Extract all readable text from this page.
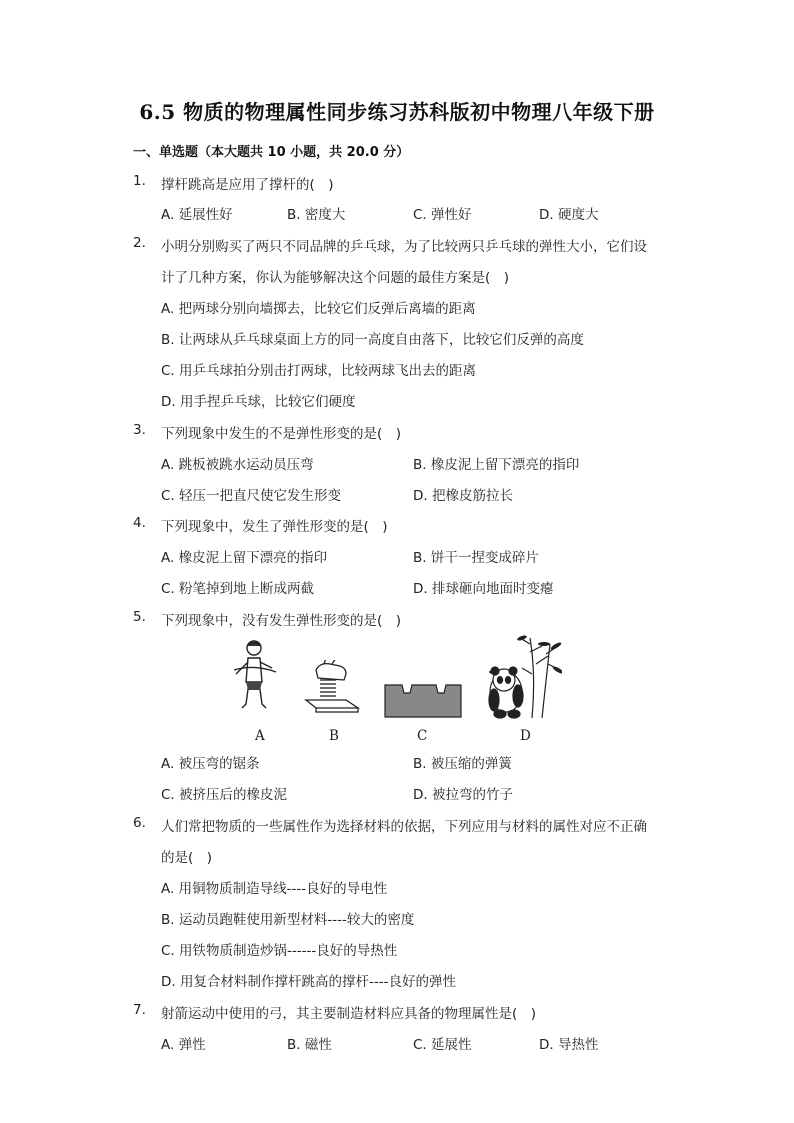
6.5 物质的物理属性同步练习苏科版初中物理八年级下册
一、单选题（本大题共 10 小题，共 20.0 分）
1. 撑杆跳高是应用了撑杆的(　)
A. 延展性好	B. 密度大	C. 弹性好	D. 硬度大
2. 小明分别购买了两只不同品牌的乒乓球，为了比较两只乒乓球的弹性大小，它们设
计了几种方案，你认为能够解决这个问题的最佳方案是(　)
A. 把两球分别向墙掷去，比较它们反弹后离墙的距离
B. 让两球从乒乓球桌面上方的同一高度自由落下，比较它们反弹的高度
C. 用乒乓球拍分别击打两球，比较两球飞出去的距离
D. 用手捏乒乓球，比较它们硬度
3. 下列现象中发生的不是弹性形变的是(　)
A. 跳板被跳水运动员压弯	B. 橡皮泥上留下漂亮的指印
C. 轻压一把直尺使它发生形变	D. 把橡皮筋拉长
4. 下列现象中，发生了弹性形变的是(　)
A. 橡皮泥上留下漂亮的指印	B. 饼干一捏变成碎片
C. 粉笔掉到地上断成两截	D. 排球砸向地面时变瘪
5. 下列现象中，没有发生弹性形变的是(　)
A	B	C	D
A. 被压弯的锯条	B. 被压缩的弹簧
C. 被挤压后的橡皮泥	D. 被拉弯的竹子
6. 人们常把物质的一些属性作为选择材料的依据，下列应用与材料的属性对应不正确
的是(　)
A. 用铜物质制造导线----良好的导电性
B. 运动员跑鞋使用新型材料----较大的密度
C. 用铁物质制造炒锅------良好的导热性
D. 用复合材料制作撑杆跳高的撑杆----良好的弹性
7. 射箭运动中使用的弓，其主要制造材料应具备的物理属性是(　)
A. 弹性	B. 磁性	C. 延展性	D. 导热性
